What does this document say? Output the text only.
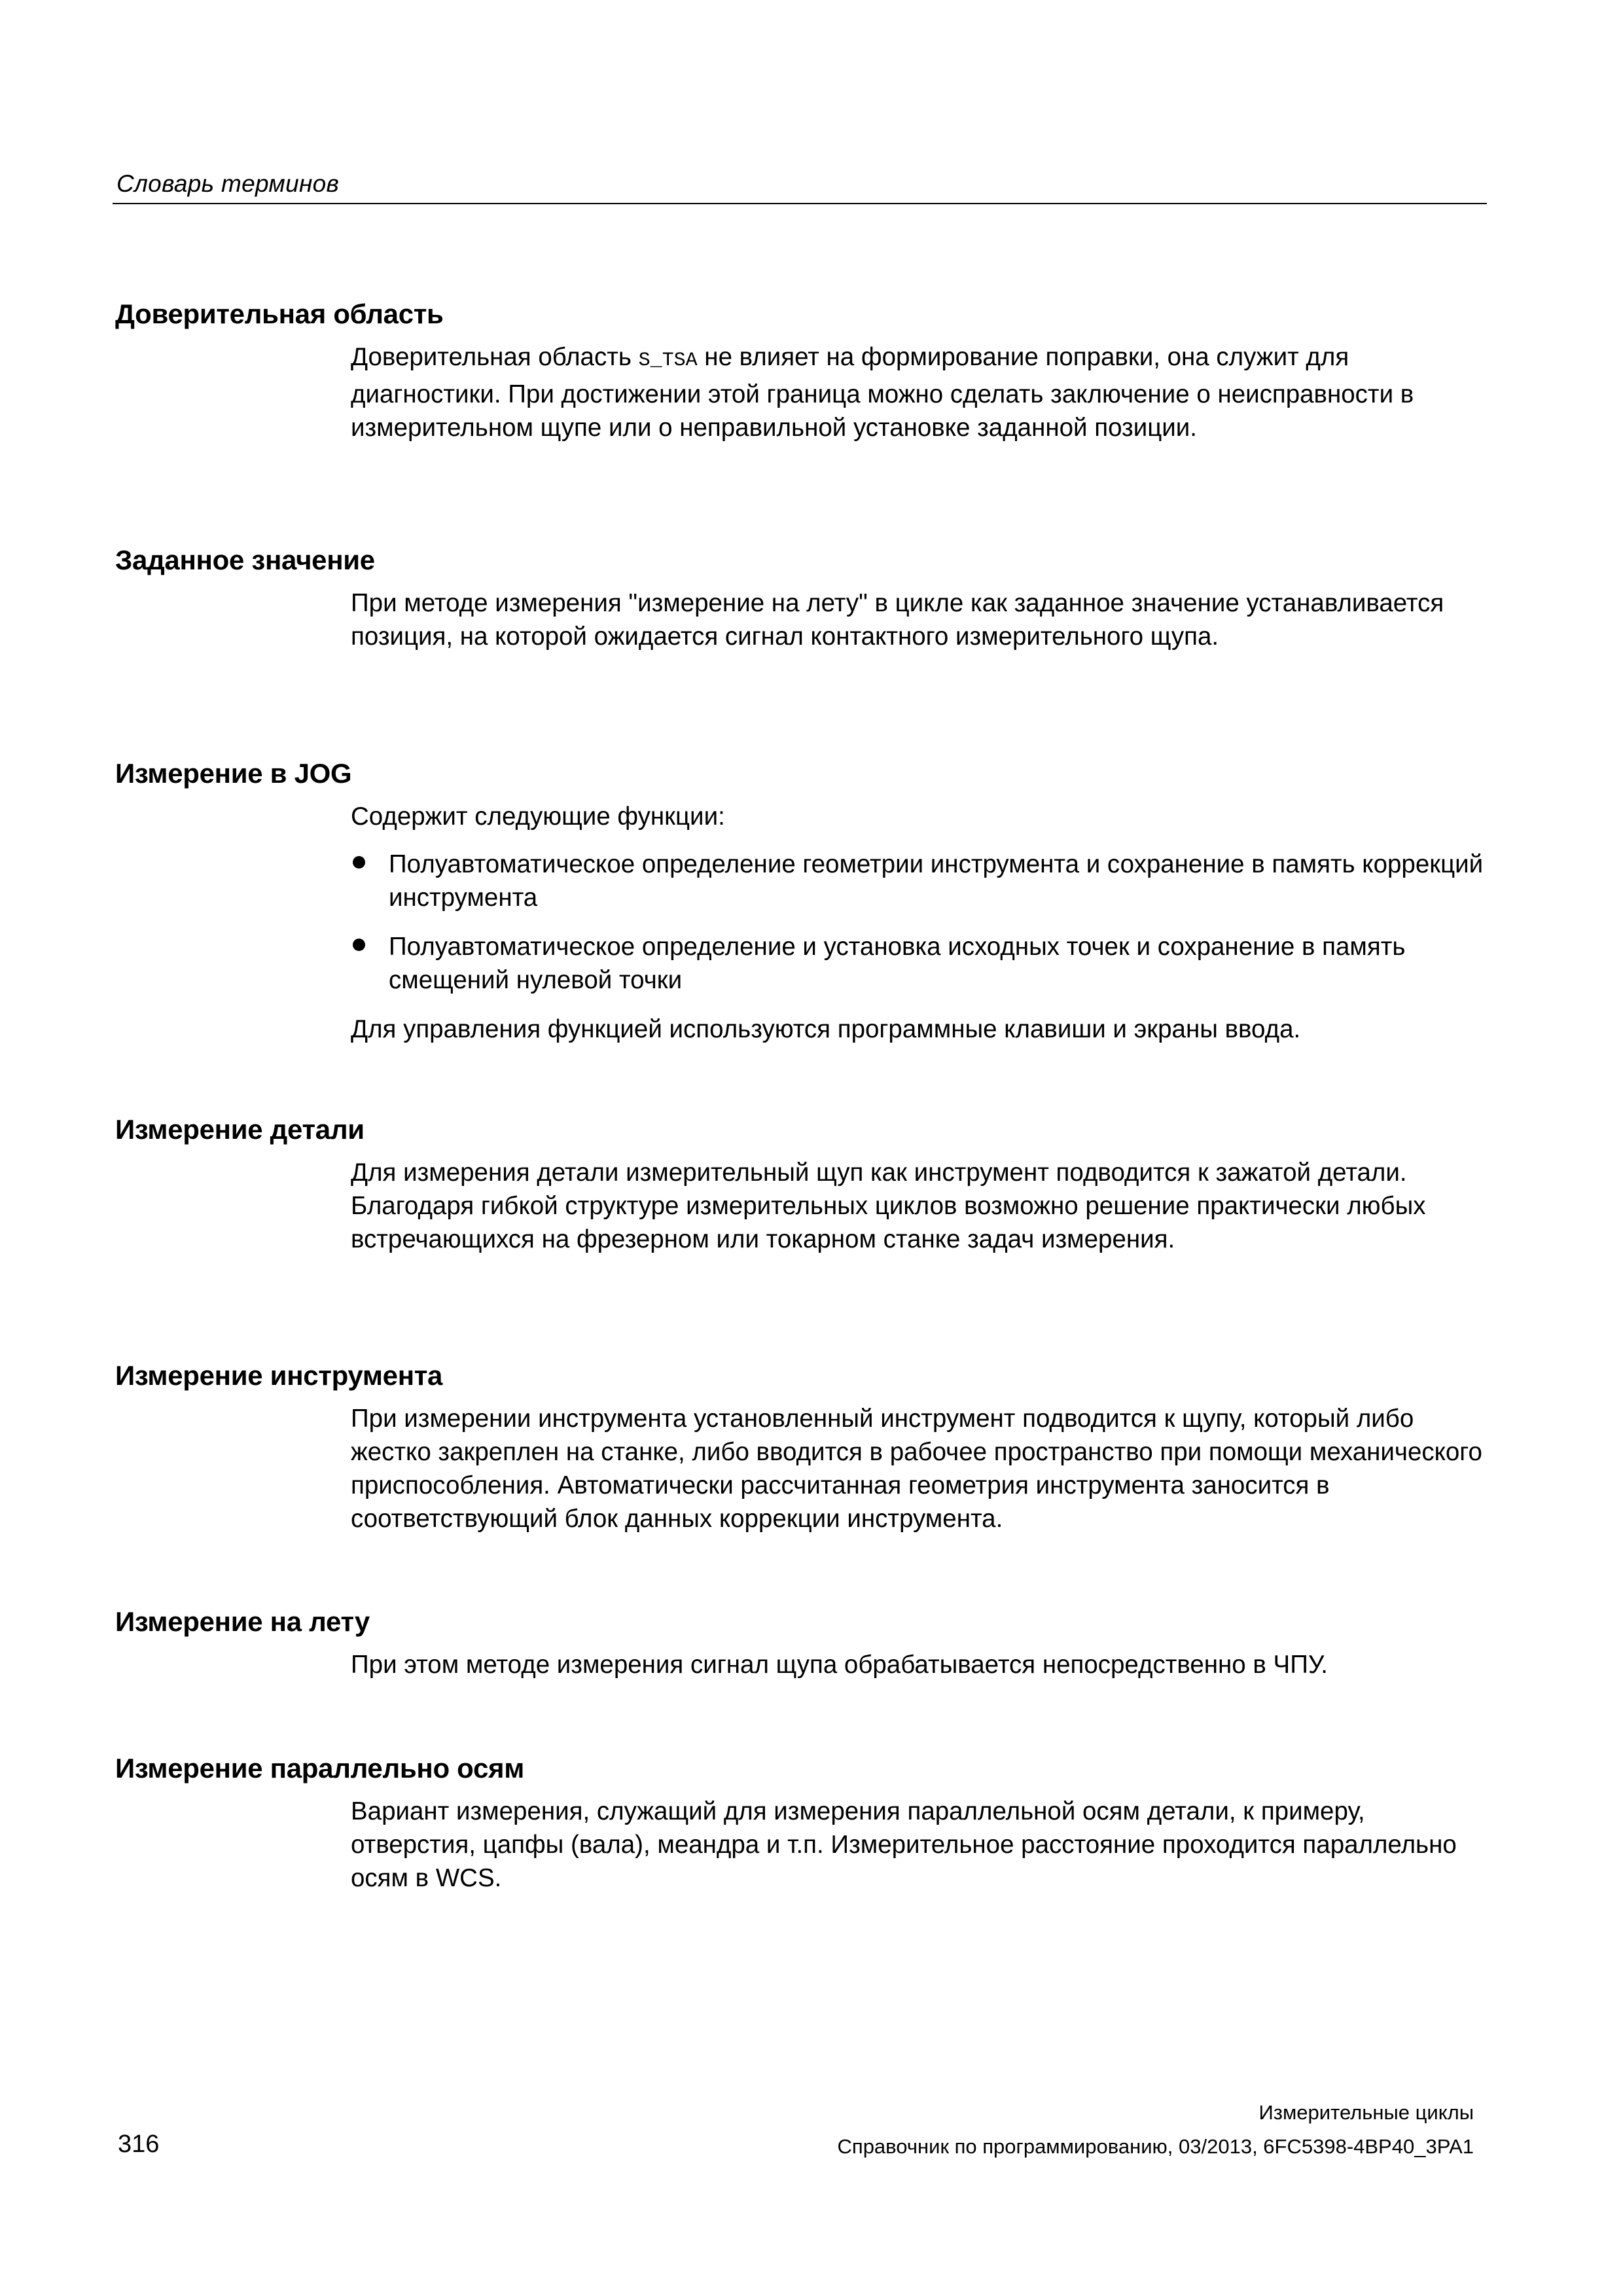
Словарь терминов
Доверительная область

Доверительная область S_TSA не влияет на формирование поправки, она служит для диагностики. При достижении этой граница можно сделать заключение о неисправности в измерительном щупе или о неправильной установке заданной позиции.

Заданное значение

При методе измерения "измерение на лету" в цикле как заданное значение устанавливается позиция, на которой ожидается сигнал контактного измерительного щупа.

Измерение в JOG

Содержит следующие функции:

Полуавтоматическое определение геометрии инструмента и сохранение в память коррекций инструмента
Полуавтоматическое определение и установка исходных точек и сохранение в память смещений нулевой точки

Для управления функцией используются программные клавиши и экраны ввода.

Измерение детали

Для измерения детали измерительный щуп как инструмент подводится к зажатой детали. Благодаря гибкой структуре измерительных циклов возможно решение практически любых встречающихся на фрезерном или токарном станке задач измерения.

Измерение инструмента

При измерении инструмента установленный инструмент подводится к щупу, который либо жестко закреплен на станке, либо вводится в рабочее пространство при помощи механического приспособления. Автоматически рассчитанная геометрия инструмента заносится в соответствующий блок данных коррекции инструмента.

Измерение на лету

При этом методе измерения сигнал щупа обрабатывается непосредственно в ЧПУ.

Измерение параллельно осям

Вариант измерения, служащий для измерения параллельной осям детали, к примеру, отверстия, цапфы (вала), меандра и т.п. Измерительное расстояние проходится параллельно осям в WCS.

316
Измерительные циклы
Справочник по программированию, 03/2013, 6FC5398-4BP40_3PA1
